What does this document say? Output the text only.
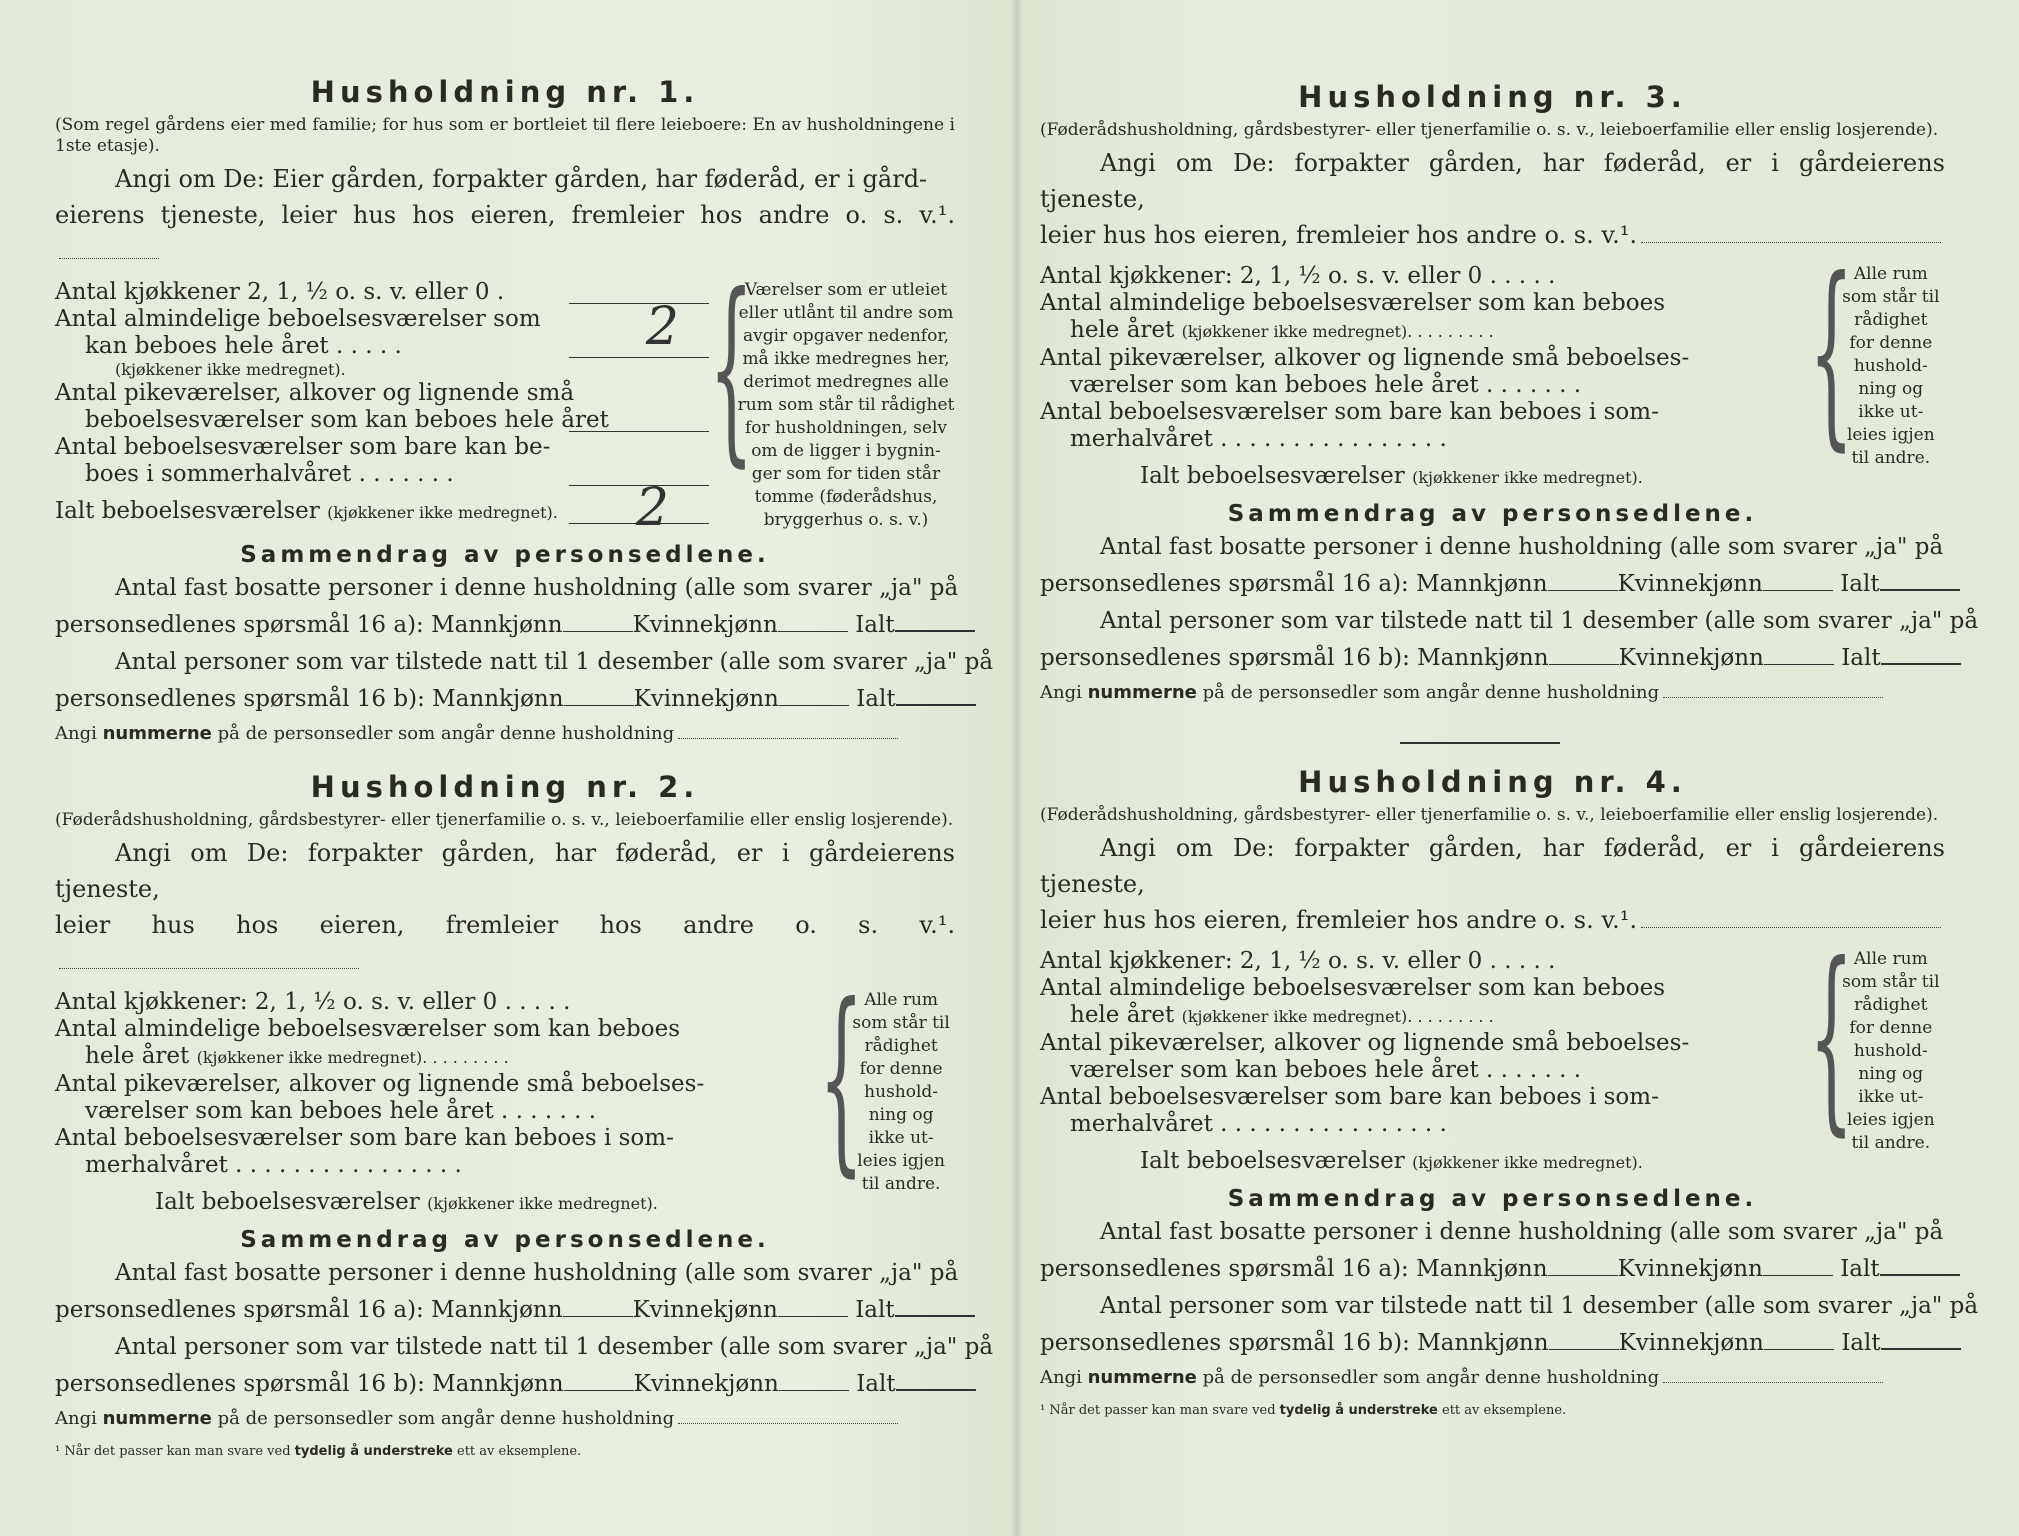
Husholdning nr. 1.
(Som regel gårdens eier med familie; for hus som er bortleiet til flere leieboere: En av husholdningene i 1ste etasje).

Angi om De: Eier gården, forpakter gården, har føderåd, er i gård-

eierens tjeneste, leier hus hos eieren, fremleier hos andre o. s. v.¹.

Antal kjøkkener 2, 1, ½ o. s. v. eller 0 .
Antal almindelige beboelsesværelser som 2
kan beboes hele året . . . . .
(kjøkkener ikke medregnet).
Antal pikeværelser, alkover og lignende små
beboelsesværelser som kan beboes hele året
Antal beboelsesværelser som bare kan be-
boes i sommerhalvåret . . . . . . .
Ialt beboelsesværelser (kjøkkener ikke medregnet). 2
{
Værelser som er utleiet
eller utlånt til andre som
avgir opgaver nedenfor,
må ikke medregnes her,
derimot medregnes alle
rum som står til rådighet
for husholdningen, selv
om de ligger i bygnin-
ger som for tiden står
tomme (føderådshus,
bryggerhus o. s. v.)
Sammendrag av personsedlene.
Antal fast bosatte personer i denne husholdning (alle som svarer „ja" på
personsedlenes spørsmål 16 a): Mannkjønn	Kvinnekjønn	Ialt
Antal personer som var tilstede natt til 1 desember (alle som svarer „ja" på
personsedlenes spørsmål 16 b): Mannkjønn	Kvinnekjønn	Ialt
Angi nummerne på de personsedler som angår denne husholdning
Husholdning nr. 2.
(Føderådshusholdning, gårdsbestyrer- eller tjenerfamilie o. s. v., leieboerfamilie eller enslig losjerende).

Angi om De: forpakter gården, har føderåd, er i gårdeierens tjeneste,

leier hus hos eieren, fremleier hos andre o. s. v.¹.

Antal kjøkkener: 2, 1, ½ o. s. v. eller 0 . . . . .
Antal almindelige beboelsesværelser som kan beboes
hele året (kjøkkener ikke medregnet). . . . . . . . .
Antal pikeværelser, alkover og lignende små beboelses-
værelser som kan beboes hele året . . . . . . .
Antal beboelsesværelser som bare kan beboes i som-
merhalvåret . . . . . . . . . . . . . . . .
Ialt beboelsesværelser (kjøkkener ikke medregnet).
{ Alle rum
som står til
rådighet
for denne
hushold-
ning og
ikke ut-
leies igjen
til andre.
Sammendrag av personsedlene.
Antal fast bosatte personer i denne husholdning (alle som svarer „ja" på
personsedlenes spørsmål 16 a): Mannkjønn	Kvinnekjønn	Ialt
Antal personer som var tilstede natt til 1 desember (alle som svarer „ja" på
personsedlenes spørsmål 16 b): Mannkjønn	Kvinnekjønn	Ialt
Angi nummerne på de personsedler som angår denne husholdning
¹ Når det passer kan man svare ved tydelig å understreke ett av eksemplene.
Husholdning nr. 3.
(Føderådshusholdning, gårdsbestyrer- eller tjenerfamilie o. s. v., leieboerfamilie eller enslig losjerende).

Angi om De: forpakter gården, har føderåd, er i gårdeierens tjeneste,

leier hus hos eieren, fremleier hos andre o. s. v.¹.

Antal kjøkkener: 2, 1, ½ o. s. v. eller 0 . . . . .
Antal almindelige beboelsesværelser som kan beboes
hele året (kjøkkener ikke medregnet). . . . . . . . .
Antal pikeværelser, alkover og lignende små beboelses-
værelser som kan beboes hele året . . . . . . .
Antal beboelsesværelser som bare kan beboes i som-
merhalvåret . . . . . . . . . . . . . . . .
Ialt beboelsesværelser (kjøkkener ikke medregnet).
{ Alle rum
som står til
rådighet
for denne
hushold-
ning og
ikke ut-
leies igjen
til andre.
Sammendrag av personsedlene.
Antal fast bosatte personer i denne husholdning (alle som svarer „ja" på
personsedlenes spørsmål 16 a): Mannkjønn	Kvinnekjønn	Ialt
Antal personer som var tilstede natt til 1 desember (alle som svarer „ja" på
personsedlenes spørsmål 16 b): Mannkjønn	Kvinnekjønn	Ialt
Angi nummerne på de personsedler som angår denne husholdning
Husholdning nr. 4.
(Føderådshusholdning, gårdsbestyrer- eller tjenerfamilie o. s. v., leieboerfamilie eller enslig losjerende).

Angi om De: forpakter gården, har føderåd, er i gårdeierens tjeneste,

leier hus hos eieren, fremleier hos andre o. s. v.¹.

Antal kjøkkener: 2, 1, ½ o. s. v. eller 0 . . . . .
Antal almindelige beboelsesværelser som kan beboes
hele året (kjøkkener ikke medregnet). . . . . . . . .
Antal pikeværelser, alkover og lignende små beboelses-
værelser som kan beboes hele året . . . . . . .
Antal beboelsesværelser som bare kan beboes i som-
merhalvåret . . . . . . . . . . . . . . . .
Ialt beboelsesværelser (kjøkkener ikke medregnet).
{ Alle rum
som står til
rådighet
for denne
hushold-
ning og
ikke ut-
leies igjen
til andre.
Sammendrag av personsedlene.
Antal fast bosatte personer i denne husholdning (alle som svarer „ja" på
personsedlenes spørsmål 16 a): Mannkjønn	Kvinnekjønn	Ialt
Antal personer som var tilstede natt til 1 desember (alle som svarer „ja" på
personsedlenes spørsmål 16 b): Mannkjønn	Kvinnekjønn	Ialt
Angi nummerne på de personsedler som angår denne husholdning
¹ Når det passer kan man svare ved tydelig å understreke ett av eksemplene.
